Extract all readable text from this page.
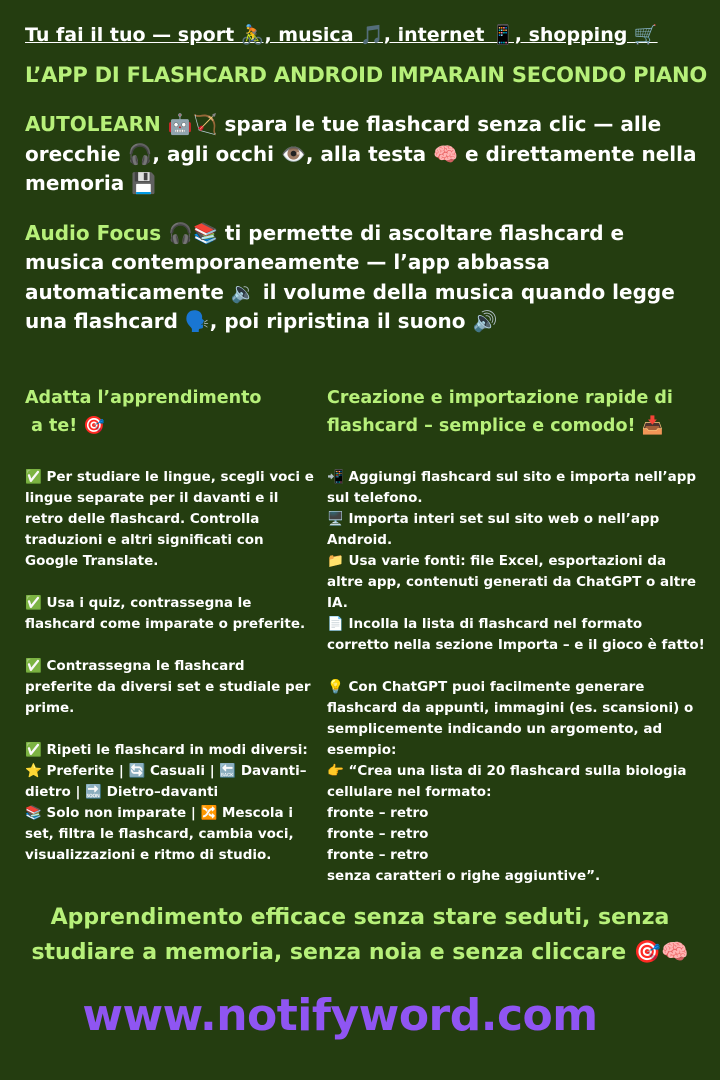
Tu fai il tuo — sport 🚴, musica 🎵, internet 📱, shopping 🛒
L’APP DI FLASHCARD ANDROID IMPARAIN SECONDO PIANO
AUTOLEARN 🤖🏹 spara le tue flashcard senza clic — alle orecchie 🎧, agli occhi 👁️, alla testa 🧠 e direttamente nella memoria 💾
Audio Focus 🎧📚 ti permette di ascoltare flashcard e musica contemporaneamente — l’app abbassa automaticamente 🔉 il volume della musica quando legge una flashcard 🗣️, poi ripristina il suono 🔊
Adatta l’apprendimento
a te! 🎯

✅ Per studiare le lingue, scegli voci e lingue separate per il davanti e il retro delle flashcard. Controlla traduzioni e altri significati con Google Translate.

✅ Usa i quiz, contrassegna le flashcard come imparate o preferite.

✅ Contrassegna le flashcard preferite da diversi set e studiale per prime.

✅ Ripeti le flashcard in modi diversi:
⭐ Preferite | 🔄 Casuali | 🔙 Davanti–dietro | 🔜 Dietro–davanti
📚 Solo non imparate | 🔀 Mescola i set, filtra le flashcard, cambia voci, visualizzazioni e ritmo di studio.

Creazione e importazione rapide di
flashcard – semplice e comodo! 📥

📲 Aggiungi flashcard sul sito e importa nell’app sul telefono.
🖥️ Importa interi set sul sito web o nell’app Android.
📁 Usa varie fonti: file Excel, esportazioni da altre app, contenuti generati da ChatGPT o altre IA.
📄 Incolla la lista di flashcard nel formato corretto nella sezione Importa – e il gioco è fatto!

💡 Con ChatGPT puoi facilmente generare flashcard da appunti, immagini (es. scansioni) o semplicemente indicando un argomento, ad esempio:
👉 “Crea una lista di 20 flashcard sulla biologia cellulare nel formato:
fronte – retro
fronte – retro
fronte – retro
senza caratteri o righe aggiuntive”.

Apprendimento efficace senza stare seduti, senza studiare a memoria, senza noia e senza cliccare 🎯🧠
www.notifyword.com
